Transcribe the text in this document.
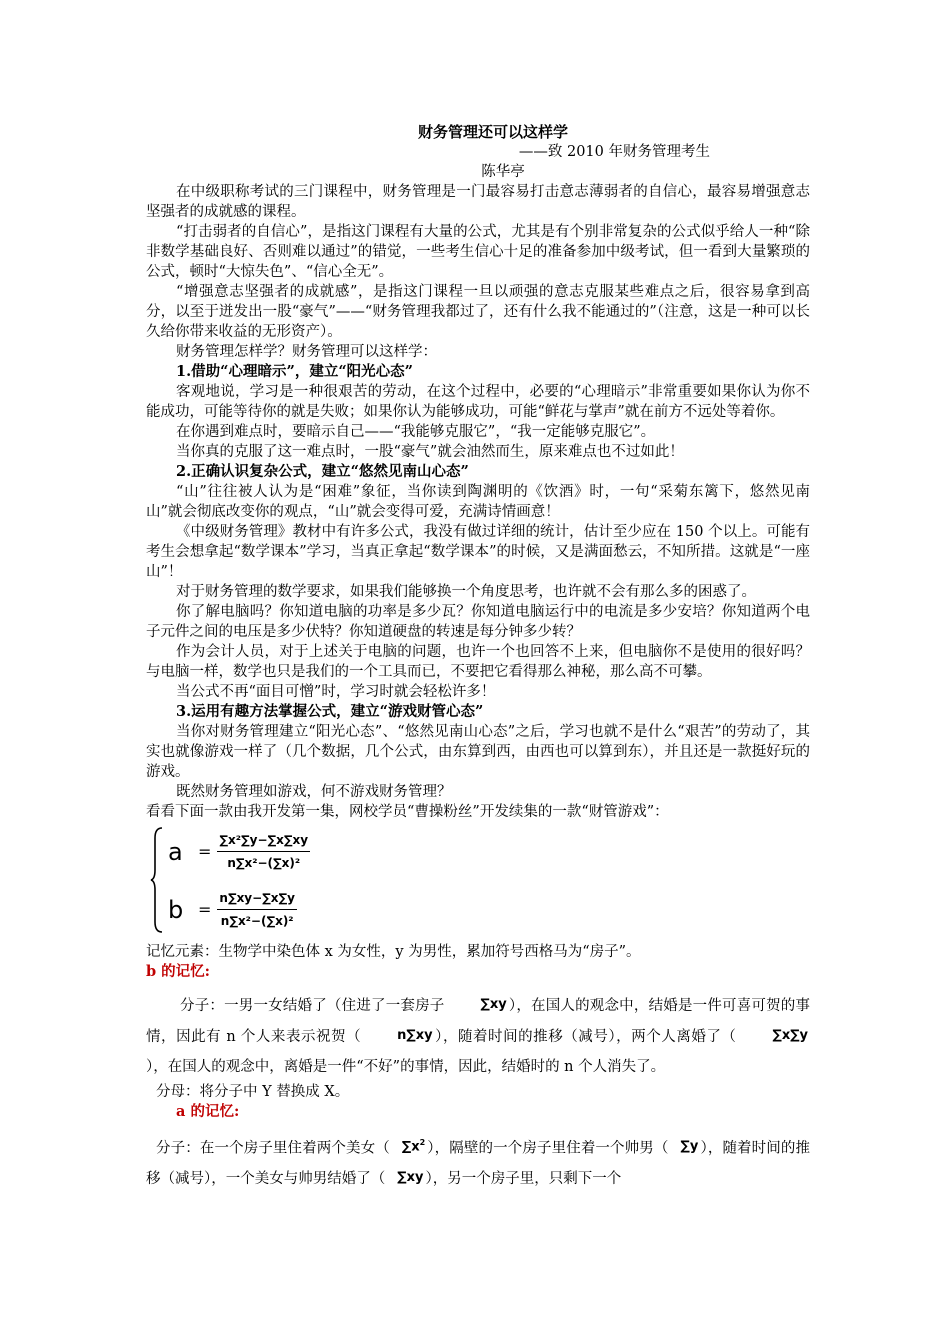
财务管理还可以这样学
——致 2010 年财务管理考生
陈华亭

在中级职称考试的三门课程中，财务管理是一门最容易打击意志薄弱者的自信心，最容易增强意志坚强者的成就感的课程。

“打击弱者的自信心”，是指这门课程有大量的公式，尤其是有个别非常复杂的公式似乎给人一种“除非数学基础良好、否则难以通过”的错觉，一些考生信心十足的准备参加中级考试，但一看到大量繁琐的公式，顿时“大惊失色”、“信心全无”。

“增强意志坚强者的成就感”，是指这门课程一旦以顽强的意志克服某些难点之后，很容易拿到高分，以至于迸发出一股“豪气”——“财务管理我都过了，还有什么我不能通过的”（注意，这是一种可以长久给你带来收益的无形资产）。

财务管理怎样学？财务管理可以这样学：

1.借助“心理暗示”，建立“阳光心态”

客观地说，学习是一种很艰苦的劳动，在这个过程中，必要的“心理暗示”非常重要如果你认为你不能成功，可能等待你的就是失败；如果你认为能够成功，可能“鲜花与掌声”就在前方不远处等着你。

在你遇到难点时，要暗示自己——“我能够克服它”，“我一定能够克服它”。

当你真的克服了这一难点时，一股“豪气”就会油然而生，原来难点也不过如此！

2.正确认识复杂公式，建立“悠然见南山心态”

“山”往往被人认为是“困难”象征，当你读到陶渊明的《饮酒》时，一句“采菊东篱下，悠然见南山”就会彻底改变你的观点，“山”就会变得可爱，充满诗情画意！

《中级财务管理》教材中有许多公式，我没有做过详细的统计，估计至少应在 150 个以上。可能有考生会想拿起“数学课本”学习，当真正拿起“数学课本”的时候，又是满面愁云，不知所措。这就是“一座山”！

对于财务管理的数学要求，如果我们能够换一个角度思考，也许就不会有那么多的困惑了。

你了解电脑吗？你知道电脑的功率是多少瓦？你知道电脑运行中的电流是多少安培？你知道两个电子元件之间的电压是多少伏特？你知道硬盘的转速是每分钟多少转？

作为会计人员，对于上述关于电脑的问题，也许一个也回答不上来，但电脑你不是使用的很好吗？与电脑一样，数学也只是我们的一个工具而已，不要把它看得那么神秘，那么高不可攀。

当公式不再“面目可憎”时，学习时就会轻松许多！

3.运用有趣方法掌握公式，建立“游戏财管心态”

当你对财务管理建立“阳光心态”、“悠然见南山心态”之后，学习也就不是什么“艰苦”的劳动了，其实也就像游戏一样了（几个数据，几个公式，由东算到西，由西也可以算到东），并且还是一款挺好玩的游戏。

既然财务管理如游戏，何不游戏财务管理？

看看下面一款由我开发第一集，网校学员“曹操粉丝”开发续集的一款“财管游戏”：

$a = \frac{\text{∑x²∑y−∑x∑xy}}{\text{n∑x²−(∑x)²}}$
$b = \frac{n\sum xy-\sum x\sum y}{\text{n∑x²−(∑x)²}}$

记忆元素：生物学中染色体 x 为女性，y 为男性，累加符号西格马为“房子”。

b 的记忆:

分子：一男一女结婚了（住进了一套房子	∑xy ），在国人的观念中，结婚是一件可喜可贺的事情，因此有 n 个人来表示祝贺（	n∑xy ），随着时间的推移（减号），两个人离婚了（	∑x∑y），在国人的观念中，离婚是一件“不好”的事情，因此，结婚时的 n 个人消失了。

分母：将分子中 Y 替换成 X。

a 的记忆:

分子：在一个房子里住着两个美女（ $\sum x^2$ ），隔壁的一个房子里住着一个帅男（ ∑y ），随着时间的推移（减号），一个美女与帅男结婚了（ ∑xy ），另一个房子里，只剩下一个
